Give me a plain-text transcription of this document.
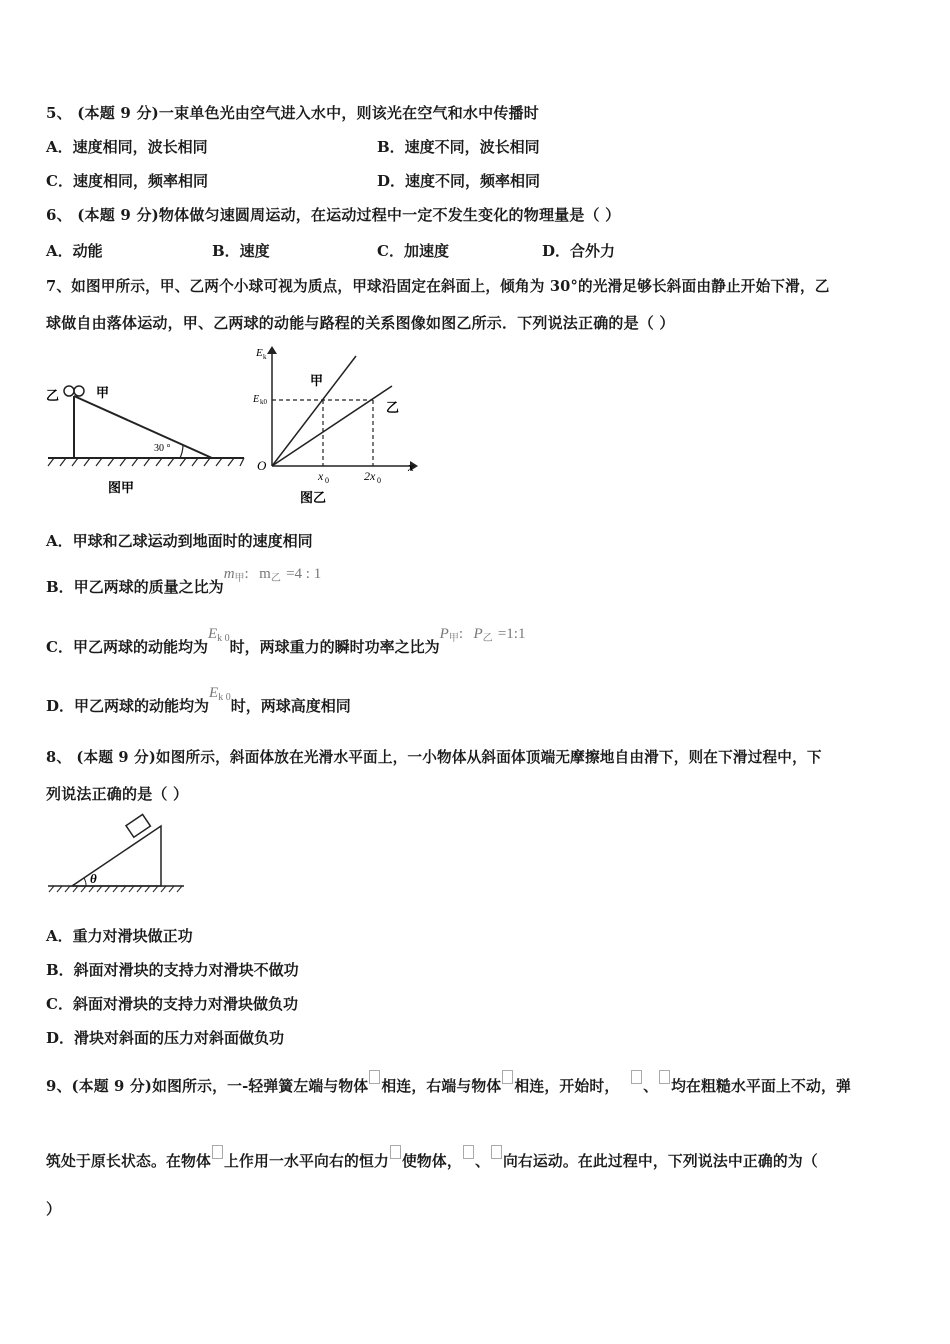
5、 (本题 9 分)一束单色光由空气进入水中，则该光在空气和水中传播时
A．速度相同，波长相同	B．速度不同，波长相同
C．速度相同，频率相同	D．速度不同，频率相同
6、 (本题 9 分)物体做匀速圆周运动，在运动过程中一定不发生变化的物理量是（ ）
A．动能	B．速度	C．加速度	D．合外力
7、如图甲所示，甲、乙两个小球可视为质点，甲球沿固定在斜面上，倾角为 30°的光滑足够长斜面由静止开始下滑，乙
球做自由落体运动，甲、乙两球的动能与路程的关系图像如图乙所示．下列说法正确的是（ ）
乙	甲
30 °
图甲
E k
E k0
甲
乙
O	x
x 0	2x 0
图乙
A．甲球和乙球运动到地面时的速度相同
B．甲乙两球的质量之比为$m_甲$: $m_乙 =4$ : 1
C．甲乙两球的动能均为$E_{k 0}$时，两球重力的瞬时功率之比为$P_甲$: $P_乙$ =1:1
D．甲乙两球的动能均为$E_{k 0}$时，两球高度相同
8、 (本题 9 分)如图所示，斜面体放在光滑水平面上，一小物体从斜面体顶端无摩擦地自由滑下，则在下滑过程中，下
列说法正确的是（ ）
θ
A．重力对滑块做正功
B．斜面对滑块的支持力对滑块不做功
C．斜面对滑块的支持力对滑块做负功
D．滑块对斜面的压力对斜面做负功
9、(本题 9 分)如图所示，一-轻弹簧左端与物体 相连，右端与物体 相连，开始时， 、 均在粗糙水平面上不动，弹
筑处于原长状态。在物体 上作用一水平向右的恒力 使物体， 、 向右运动。在此过程中，下列说法中正确的为（
）
